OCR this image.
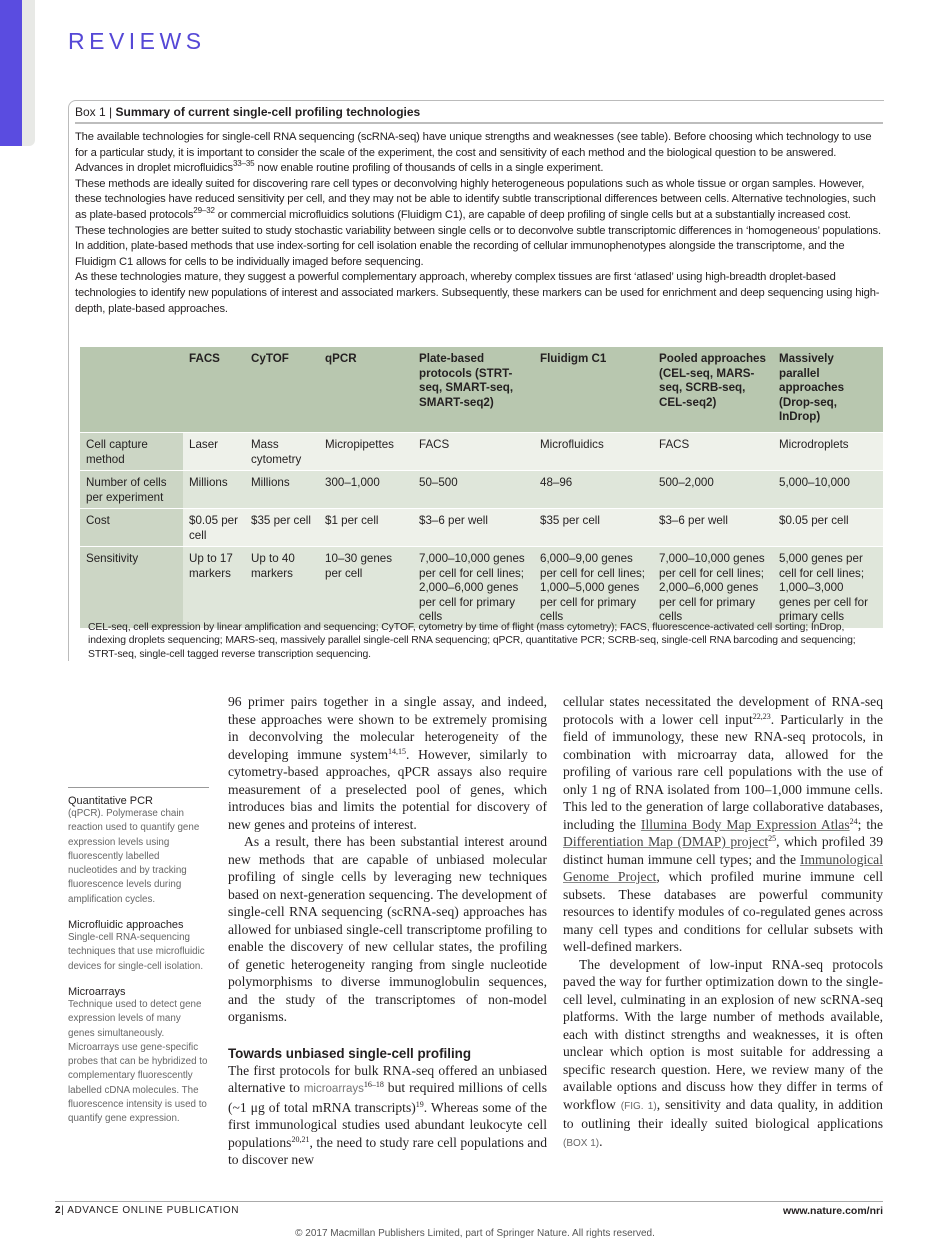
REVIEWS
Box 1 | Summary of current single-cell profiling technologies

The available technologies for single-cell RNA sequencing (scRNA-seq) have unique strengths and weaknesses (see table). Before choosing which technology to use for a particular study, it is important to consider the scale of the experiment, the cost and sensitivity of each method and the biological question to be answered. Advances in droplet microfluidics$^{33-35}$ now enable routine profiling of thousands of cells in a single experiment.

These methods are ideally suited for discovering rare cell types or deconvolving highly heterogeneous populations such as whole tissue or organ samples. However, these technologies have reduced sensitivity per cell, and they may not be able to identify subtle transcriptional differences between cells. Alternative technologies, such as plate-based protocols$^{29-32}$ or commercial microfluidics solutions (Fluidigm C1), are capable of deep profiling of single cells but at a substantially increased cost. These technologies are better suited to study stochastic variability between single cells or to deconvolve subtle transcriptomic differences in ‘homogeneous’ populations. In addition, plate-based methods that use index-sorting for cell isolation enable the recording of cellular immunophenotypes alongside the transcriptome, and the Fluidigm C1 allows for cells to be individually imaged before sequencing.

As these technologies mature, they suggest a powerful complementary approach, whereby complex tissues are first ‘atlased’ using high-breadth droplet-based technologies to identify new populations of interest and associated markers. Subsequently, these markers can be used for enrichment and deep sequencing using high-depth, plate-based approaches.

	FACS	CyTOF	qPCR	Plate-based protocols (STRT-seq, SMART-seq, SMART-seq2)	Fluidigm C1	Pooled approaches (CEL-seq, MARS-seq, SCRB-seq, CEL-seq2)	Massively parallel approaches (Drop-seq, InDrop)
Cell capture method	Laser	Mass cytometry	Micropipettes	FACS	Microfluidics	FACS	Microdroplets
Number of cells per experiment	Millions	Millions	300–1,000	50–500	48–96	500–2,000	5,000–10,000
Cost	$0.05 per cell	$35 per cell	$1 per cell	$3–6 per well	$35 per cell	$3–6 per well	$0.05 per cell
Sensitivity	Up to 17 markers	Up to 40 markers	10–30 genes per cell	7,000–10,000 genes per cell for cell lines; 2,000–6,000 genes per cell for primary cells	6,000–9,00 genes per cell for cell lines; 1,000–5,000 genes per cell for primary cells	7,000–10,000 genes per cell for cell lines; 2,000–6,000 genes per cell for primary cells	5,000 genes per cell for cell lines; 1,000–3,000 genes per cell for primary cells
CEL-seq, cell expression by linear amplification and sequencing; CyTOF, cytometry by time of flight (mass cytometry); FACS, fluorescence-activated cell sorting; InDrop, indexing droplets sequencing; MARS-seq, massively parallel single-cell RNA sequencing; qPCR, quantitative PCR; SCRB-seq, single-cell RNA barcoding and sequencing; STRT-seq, single-cell tagged reverse transcription sequencing.
Quantitative PCR
(qPCR). Polymerase chain reaction used to quantify gene expression levels using fluorescently labelled nucleotides and by tracking fluorescence levels during amplification cycles.
Microfluidic approaches
Single-cell RNA-sequencing techniques that use microfluidic devices for single-cell isolation.
Microarrays
Technique used to detect gene expression levels of many genes simultaneously. Microarrays use gene-specific probes that can be hybridized to complementary fluorescently labelled cDNA molecules. The fluorescence intensity is used to quantify gene expression.

96 primer pairs together in a single assay, and indeed, these approaches were shown to be extremely promising in deconvolving the molecular heterogeneity of the developing immune system$^{14,15}$. However, similarly to cytometry-based approaches, qPCR assays also require measurement of a preselected pool of genes, which introduces bias and limits the potential for discovery of new genes and proteins of interest.

As a result, there has been substantial interest around new methods that are capable of unbiased molecular profiling of single cells by leveraging new techniques based on next-generation sequencing. The development of single-cell RNA sequencing (scRNA-seq) approaches has allowed for unbiased single-cell transcriptome profiling to enable the discovery of new cellular states, the profiling of genetic heterogeneity ranging from single nucleotide polymorphisms to diverse immunoglobulin sequences, and the study of the transcriptomes of non-model organisms.

Towards unbiased single-cell profiling

The first protocols for bulk RNA-seq offered an unbiased alternative to microarrays$^{16-18}$ but required millions of cells (~1 μg of total mRNA transcripts)$^{19}$. Whereas some of the first immunological studies used abundant leukocyte cell populations$^{20,21}$, the need to study rare cell populations and to discover new

cellular states necessitated the development of RNA-seq protocols with a lower cell input$^{22,23}$. Particularly in the field of immunology, these new RNA-seq protocols, in combination with microarray data, allowed for the profiling of various rare cell populations with the use of only 1 ng of RNA isolated from 100–1,000 immune cells. This led to the generation of large collaborative databases, including the Illumina Body Map Expression Atlas$^{24}$; the Differentiation Map (DMAP) project$^{25}$, which profiled 39 distinct human immune cell types; and the Immunological Genome Project, which profiled murine immune cell subsets. These databases are powerful community resources to identify modules of co-regulated genes across many cell types and conditions for cellular subsets with well-defined markers.

The development of low-input RNA-seq protocols paved the way for further optimization down to the single-cell level, culminating in an explosion of new scRNA-seq platforms. With the large number of methods available, each with distinct strengths and weaknesses, it is often unclear which option is most suitable for addressing a specific research question. Here, we review many of the available options and discuss how they differ in terms of workflow (FIG. 1), sensitivity and data quality, in addition to outlining their ideally suited biological applications (BOX 1).

2| ADVANCE ONLINE PUBLICATION	www.nature.com/nri
© 2017 Macmillan Publishers Limited, part of Springer Nature. All rights reserved.
